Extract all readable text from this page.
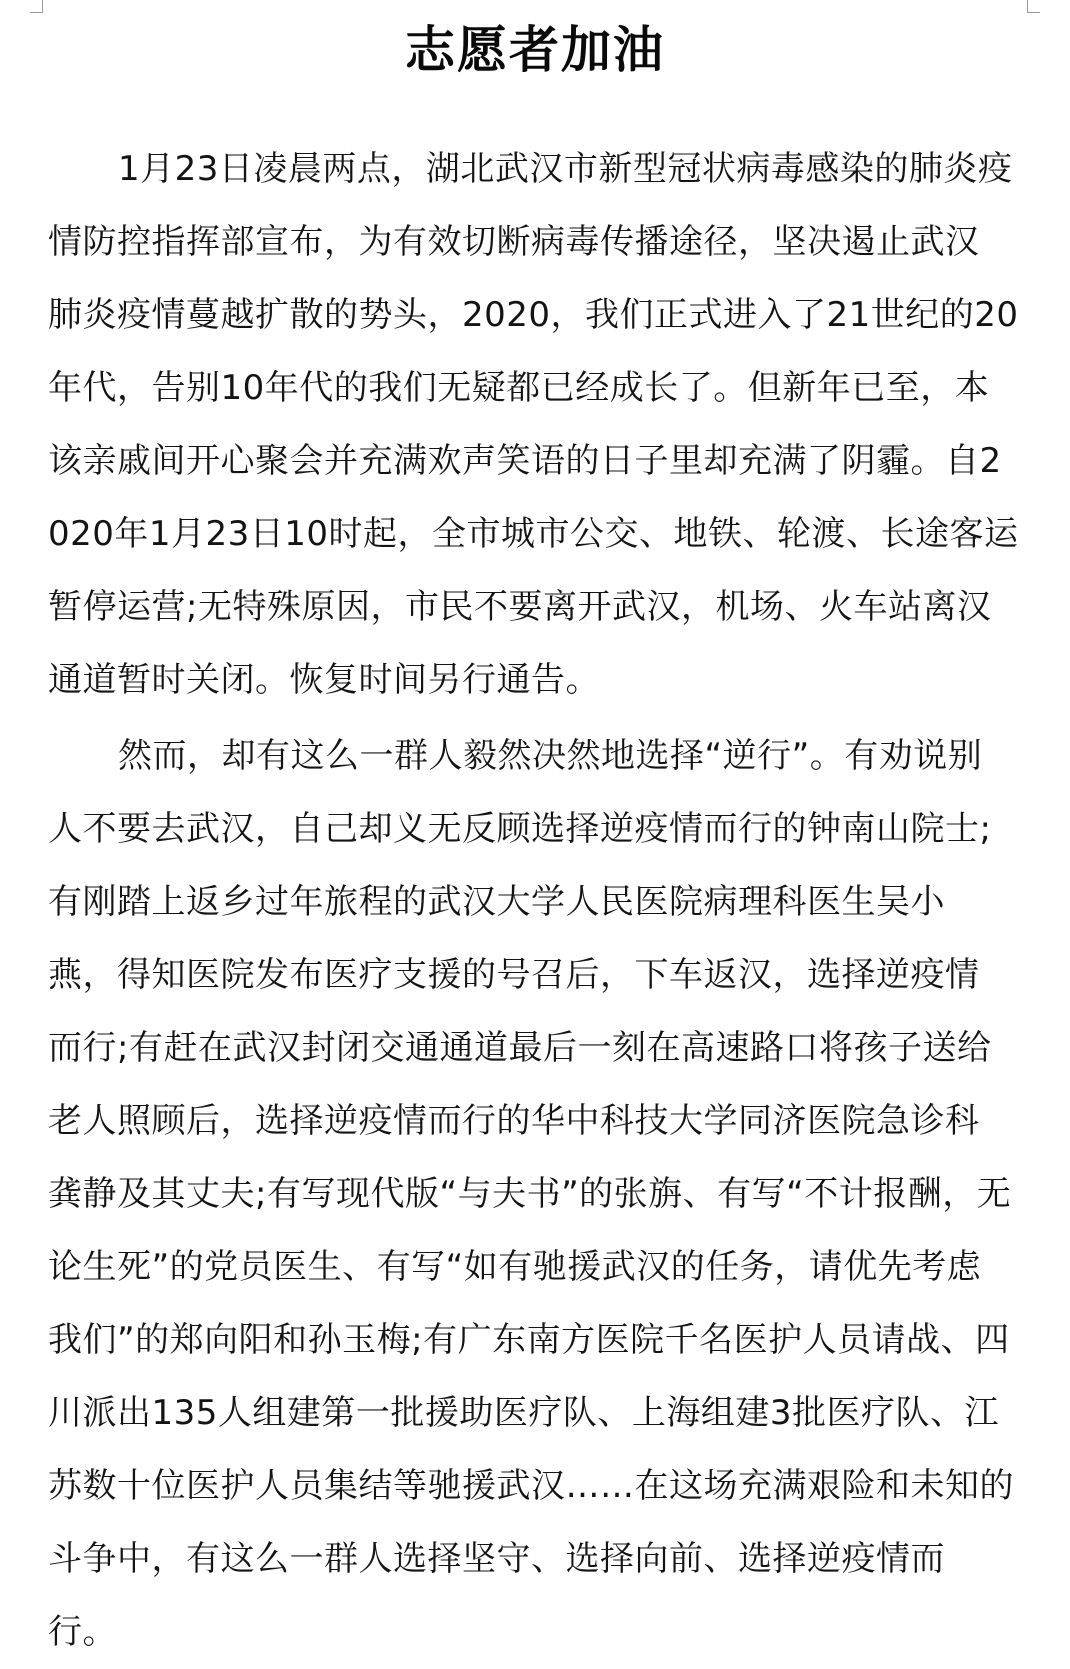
志愿者加油
1月23日凌晨两点，湖北武汉市新型冠状病毒感染的肺炎疫
情防控指挥部宣布，为有效切断病毒传播途径，坚决遏止武汉
肺炎疫情蔓越扩散的势头，2020，我们正式进入了21世纪的20
年代，告别10年代的我们无疑都已经成长了。但新年已至，本
该亲戚间开心聚会并充满欢声笑语的日子里却充满了阴霾。自2
020年1月23日10时起，全市城市公交、地铁、轮渡、长途客运
暂停运营;无特殊原因，市民不要离开武汉，机场、火车站离汉
通道暂时关闭。恢复时间另行通告。
然而，却有这么一群人毅然决然地选择“逆行”。有劝说别
人不要去武汉，自己却义无反顾选择逆疫情而行的钟南山院士;
有刚踏上返乡过年旅程的武汉大学人民医院病理科医生吴小
燕，得知医院发布医疗支援的号召后，下车返汉，选择逆疫情
而行;有赶在武汉封闭交通通道最后一刻在高速路口将孩子送给
老人照顾后，选择逆疫情而行的华中科技大学同济医院急诊科
龚静及其丈夫;有写现代版“与夫书”的张旃、有写“不计报酬，无
论生死”的党员医生、有写“如有驰援武汉的任务，请优先考虑
我们”的郑向阳和孙玉梅;有广东南方医院千名医护人员请战、四
川派出135人组建第一批援助医疗队、上海组建3批医疗队、江
苏数十位医护人员集结等驰援武汉……在这场充满艰险和未知的
斗争中，有这么一群人选择坚守、选择向前、选择逆疫情而
行。
